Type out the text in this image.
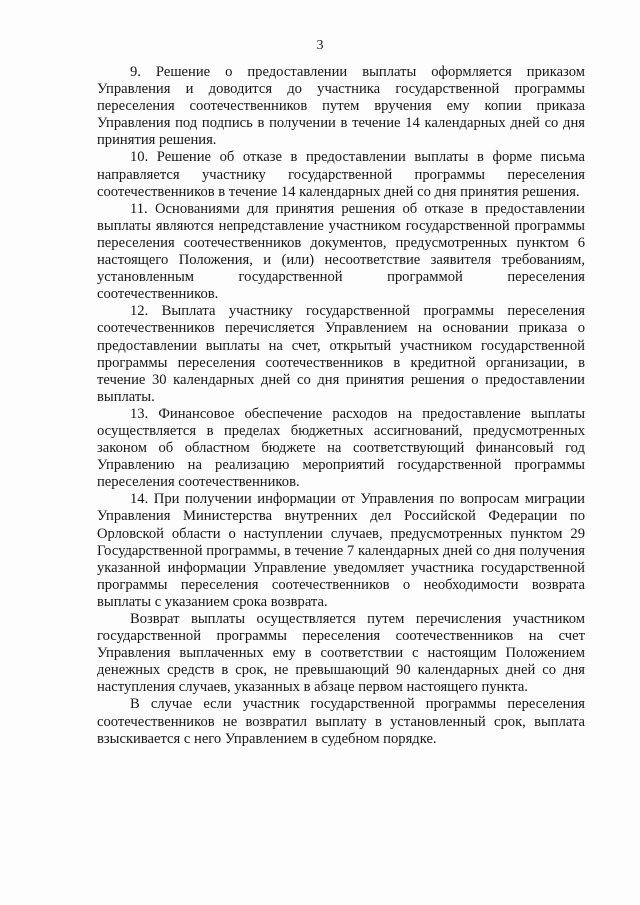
3

9. Решение о предоставлении выплаты оформляется приказом Управления и доводится до участника государственной программы переселения соотечественников путем вручения ему копии приказа Управления под подпись в получении в течение 14 календарных дней со дня принятия решения.

10. Решение об отказе в предоставлении выплаты в форме письма направляется участнику государственной программы переселения соотечественников в течение 14 календарных дней со дня принятия решения.

11. Основаниями для принятия решения об отказе в предоставлении выплаты являются непредставление участником государственной программы переселения соотечественников документов, предусмотренных пунктом 6 настоящего Положения, и (или) несоответствие заявителя требованиям, установленным государственной программой переселения соотечественников.

12. Выплата участнику государственной программы переселения соотечественников перечисляется Управлением на основании приказа о предоставлении выплаты на счет, открытый участником государственной программы переселения соотечественников в кредитной организации, в течение 30 календарных дней со дня принятия решения о предоставлении выплаты.

13. Финансовое обеспечение расходов на предоставление выплаты осуществляется в пределах бюджетных ассигнований, предусмотренных законом об областном бюджете на соответствующий финансовый год Управлению на реализацию мероприятий государственной программы переселения соотечественников.

14. При получении информации от Управления по вопросам миграции Управления Министерства внутренних дел Российской Федерации по Орловской области о наступлении случаев, предусмотренных пунктом 29 Государственной программы, в течение 7 календарных дней со дня получения указанной информации Управление уведомляет участника государственной программы переселения соотечественников о необходимости возврата выплаты с указанием срока возврата.

Возврат выплаты осуществляется путем перечисления участником государственной программы переселения соотечественников на счет Управления выплаченных ему в соответствии с настоящим Положением денежных средств в срок, не превышающий 90 календарных дней со дня наступления случаев, указанных в абзаце первом настоящего пункта.

В случае если участник государственной программы переселения соотечественников не возвратил выплату в установленный срок, выплата взыскивается с него Управлением в судебном порядке.
